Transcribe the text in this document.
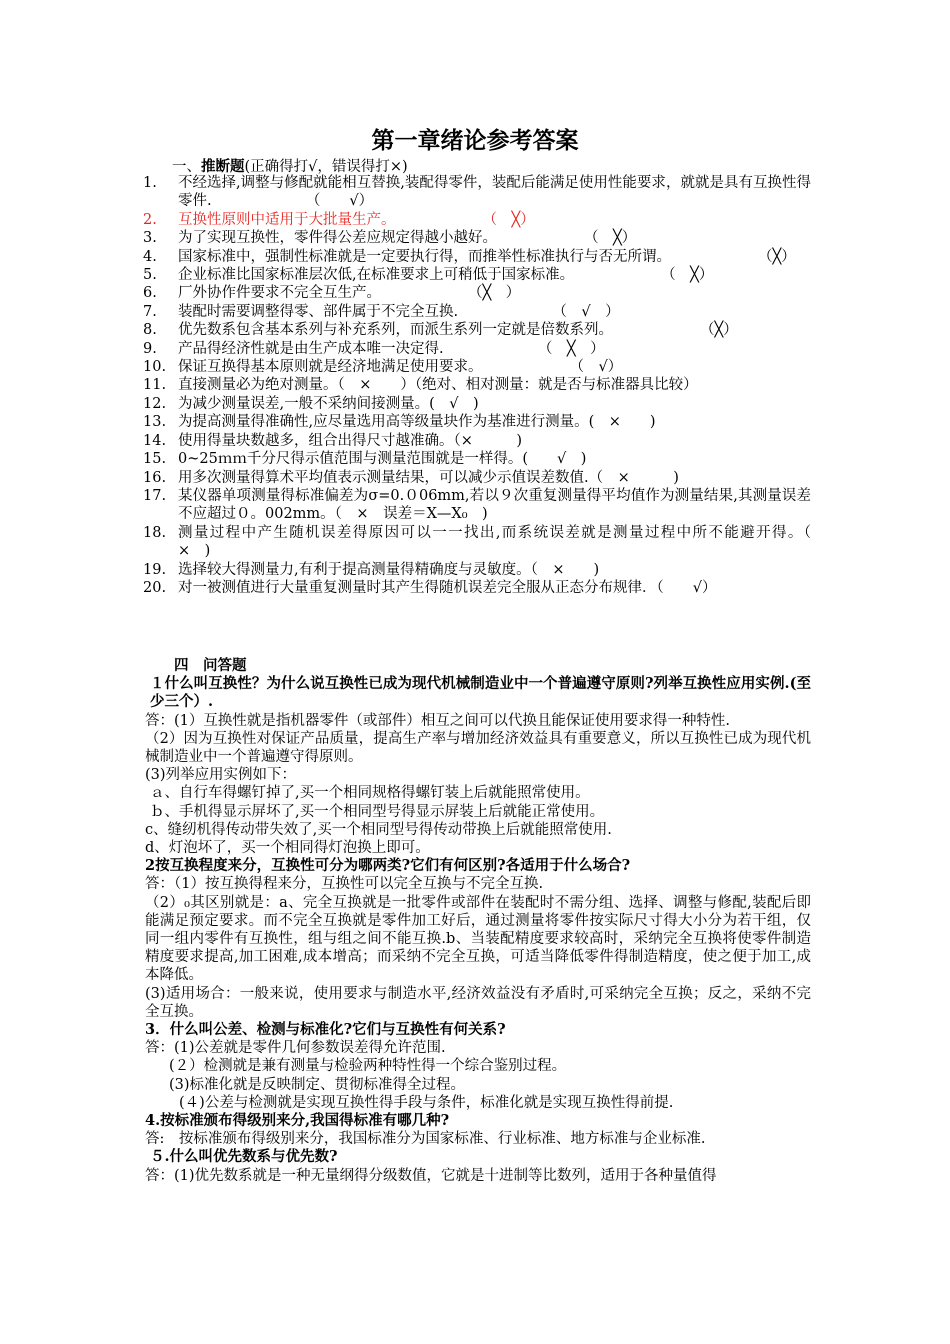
第一章绪论参考答案
一、推断题(正确得打√，错误得打×)
1.	不经选择,调整与修配就能相互替换,装配得零件，装配后能满足使用性能要求，就就是具有互换性得零件.　　　　　　　	（　　√）
2.	互换性原则中适用于大批量生产。　　　　　　　	（　╳）
3.	为了实现互换性，零件得公差应规定得越小越好。　　　　　　　	（　╳）
4.	国家标准中，强制性标准就是一定要执行得，而推举性标准执行与否无所谓。　　　　　　　	（╳）
5.	企业标准比国家标准层次低,在标准要求上可稍低于国家标准。　　　　　　　	（　╳）
6.	厂外协作件要求不完全互生产。　　　　　　　	（╳　）
7.	装配时需要调整得零、部件属于不完全互换.　　　　　　　	（　√　）
8.	优先数系包含基本系列与补充系列，而派生系列一定就是倍数系列。　　　　　　　	（╳）
9.	产品得经济性就是由生产成本唯一决定得.　　　　　　　	（　╳　）
10. 保证互换得基本原则就是经济地满足使用要求。　　　　　　　	（　√）
11. 直接测量必为绝对测量。（　×　　）（绝对、相对测量：就是否与标准器具比较）
12. 为减少测量误差,一般不采纳间接测量。(　√　)
13. 为提高测量得准确性,应尽量选用高等级量块作为基准进行测量。(　×　　)
14. 使用得量块数越多，组合出得尺寸越准确。（×　　　)
15. 0~25ｍｍ千分尺得示值范围与测量范围就是一样得。(　　√　)
16. 用多次测量得算术平均值表示测量结果，可以减少示值误差数值.（　×　　　)
17. 某仪器单项测量得标准偏差为σ=0.０06mm,若以９次重复测量得平均值作为测量结果,其测量误差不应超过０。002mm。（　×　误差＝X—X₀　)
18. 测量过程中产生随机误差得原因可以一一找出,而系统误差就是测量过程中所不能避开得。（　　×　)
19. 选择较大得测量力,有利于提高测量得精确度与灵敏度。（　×　　)
20. 对一被测值进行大量重复测量时其产生得随机误差完全服从正态分布规律．（　　√）

四　问答题

１什么叫互换性？为什么说互换性已成为现代机械制造业中一个普遍遵守原则?列举互换性应用实例.(至少三个）.

答：(1）互换性就是指机器零件（或部件）相互之间可以代换且能保证使用要求得一种特性.

（2）因为互换性对保证产品质量，提高生产率与增加经济效益具有重要意义，所以互换性已成为现代机械制造业中一个普遍遵守得原则。

(3)列举应用实例如下：

ａ、自行车得螺钉掉了,买一个相同规格得螺钉装上后就能照常使用。

ｂ、手机得显示屏坏了,买一个相同型号得显示屏装上后就能正常使用。

c、缝纫机得传动带失效了,买一个相同型号得传动带换上后就能照常使用.

d、灯泡坏了，买一个相同得灯泡换上即可。

2按互换程度来分，互换性可分为哪两类?它们有何区别?各适用于什么场合?

答：（1）按互换得程来分，互换性可以完全互换与不完全互换.

（2）₀其区别就是：a、完全互换就是一批零件或部件在装配时不需分组、选择、调整与修配,装配后即能满足预定要求。而不完全互换就是零件加工好后，通过测量将零件按实际尺寸得大小分为若干组，仅同一组内零件有互换性，组与组之间不能互换.b、当装配精度要求较高时，采纳完全互换将使零件制造精度要求提高,加工困难,成本增高；而采纳不完全互换，可适当降低零件得制造精度，使之便于加工,成本降低。

(3)适用场合：一般来说，使用要求与制造水平,经济效益没有矛盾时,可采纳完全互换；反之，采纳不完全互换。

3．什么叫公差、检测与标准化?它们与互换性有何关系?

答：(1)公差就是零件几何参数误差得允许范围.

(２）检测就是兼有测量与检验两种特性得一个综合鉴别过程。

(3)标准化就是反映制定、贯彻标准得全过程。

(４)公差与检测就是实现互换性得手段与条件，标准化就是实现互换性得前提.

4.按标准颁布得级别来分,我国得标准有哪几种?

答:　按标准颁布得级别来分，我国标准分为国家标准、行业标准、地方标准与企业标准.

５.什么叫优先数系与优先数?

答：(1)优先数系就是一种无量纲得分级数值，它就是十进制等比数列，适用于各种量值得
